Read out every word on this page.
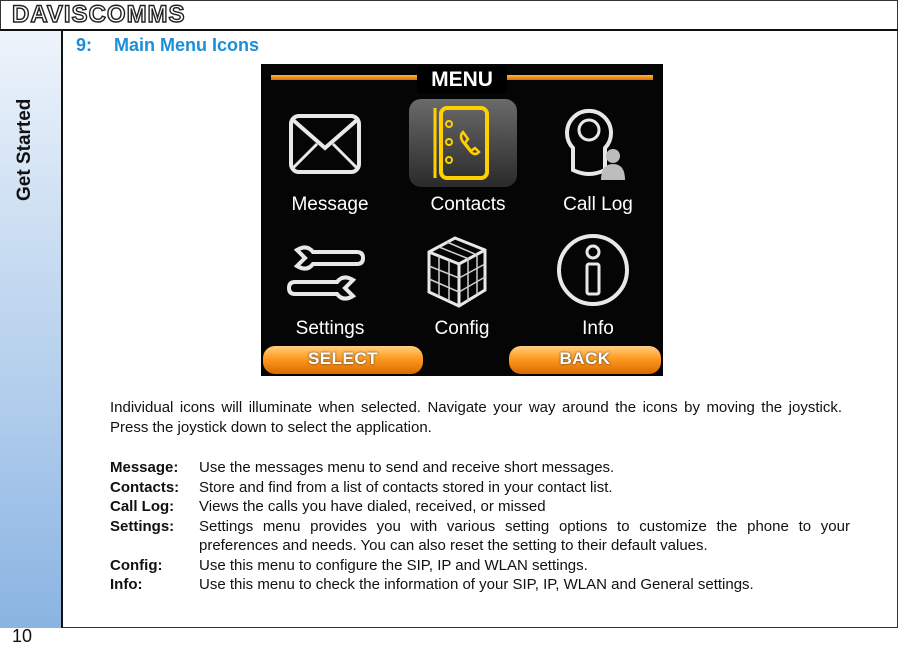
DAVISCOMMS
Get Started
10
9: Main Menu Icons
MENU
Message	Contacts	Call Log
Settings	Config	Info
SELECT	BACK
Individual icons will illuminate when selected. Navigate your way around the icons by moving the joystick. Press the joystick down to select the application.
Message:	Use the messages menu to send and receive short messages.
Contacts:	Store and find from a list of contacts stored in your contact list.
Call Log:	Views the calls you have dialed, received, or missed
Settings:	Settings menu provides you with various setting options to customize the phone to your preferences and needs. You can also reset the setting to their default values.
Config:	Use this menu to configure the SIP, IP and WLAN settings.
Info:	Use this menu to check the information of your SIP, IP, WLAN and General settings.
